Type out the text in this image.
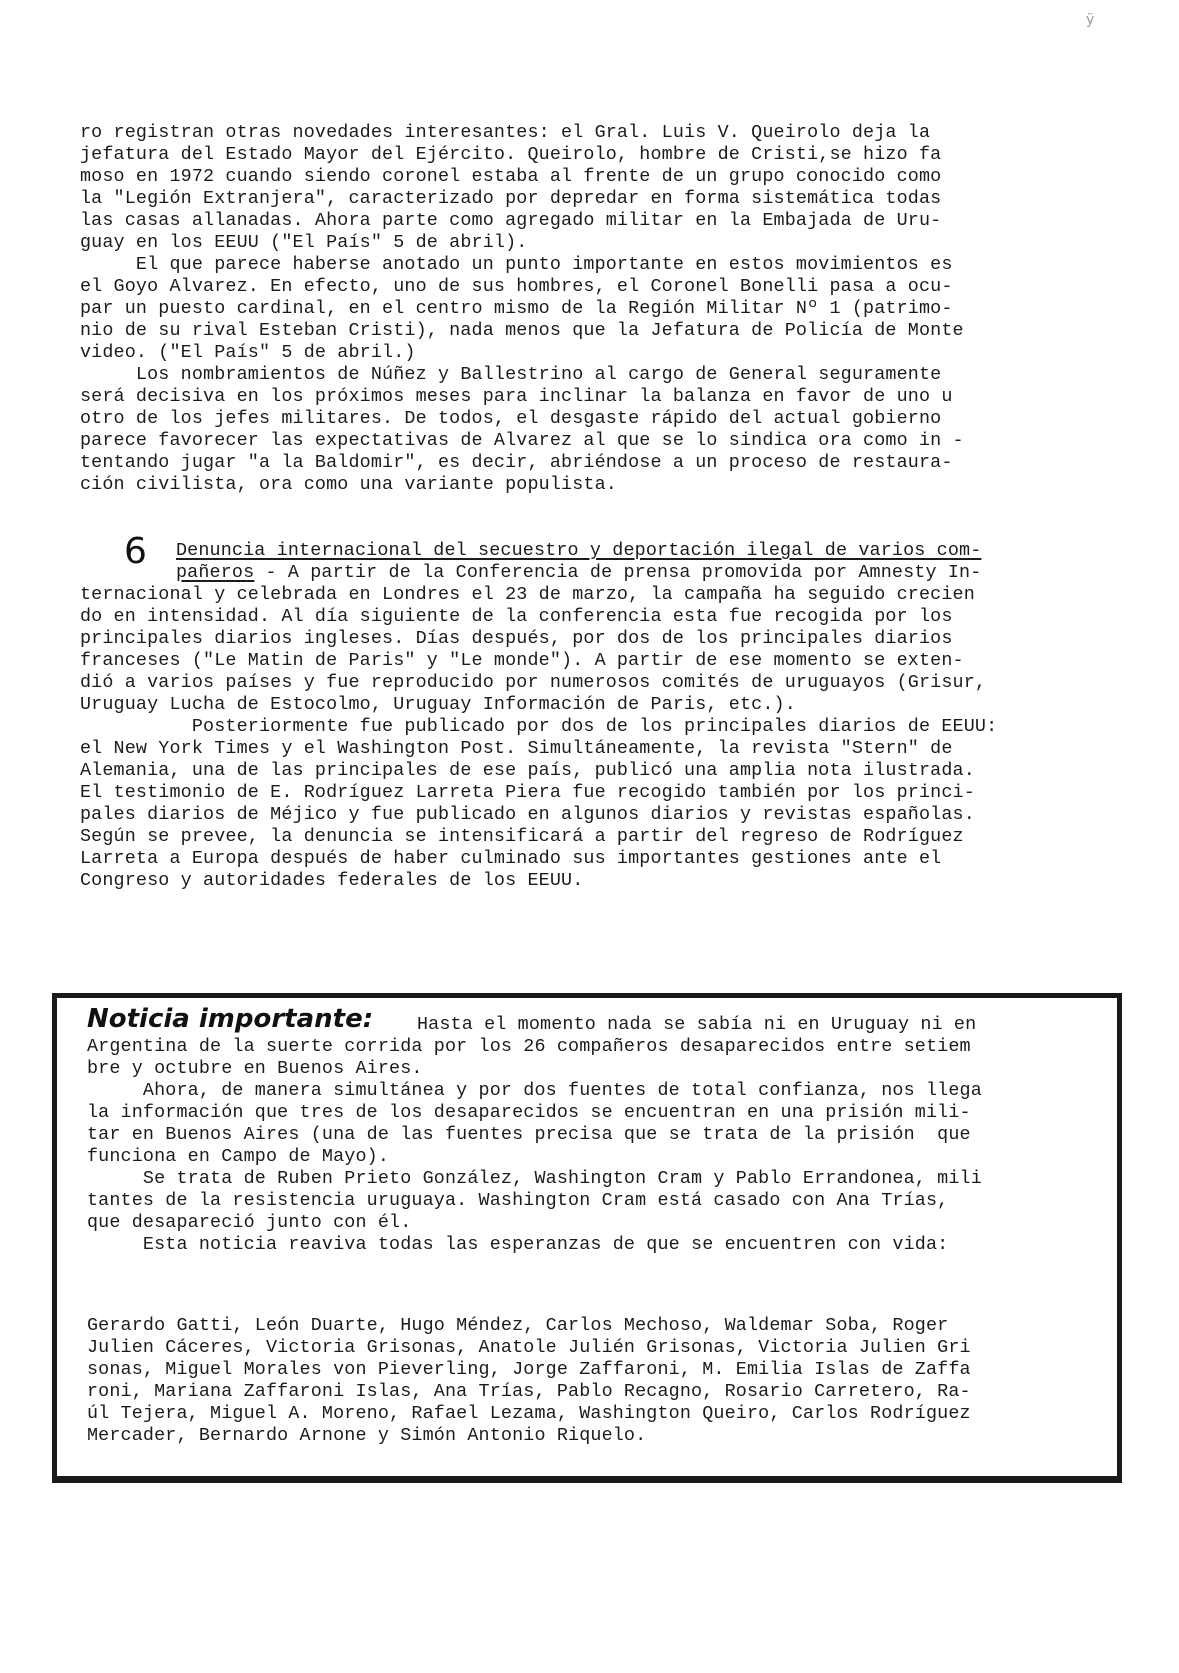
ÿ
ro registran otras novedades interesantes: el Gral. Luis V. Queirolo deja la
jefatura del Estado Mayor del Ejército. Queirolo, hombre de Cristi,se hizo fa
moso en 1972 cuando siendo coronel estaba al frente de un grupo conocido como
la "Legión Extranjera", caracterizado por depredar en forma sistemática todas
las casas allanadas. Ahora parte como agregado militar en la Embajada de Uru-
guay en los EEUU ("El País" 5 de abril).
El que parece haberse anotado un punto importante en estos movimientos es
el Goyo Alvarez. En efecto, uno de sus hombres, el Coronel Bonelli pasa a ocu-
par un puesto cardinal, en el centro mismo de la Región Militar Nº 1 (patrimo-
nio de su rival Esteban Cristi), nada menos que la Jefatura de Policía de Monte
video. ("El País" 5 de abril.)
Los nombramientos de Núñez y Ballestrino al cargo de General seguramente
será decisiva en los próximos meses para inclinar la balanza en favor de uno u
otro de los jefes militares. De todos, el desgaste rápido del actual gobierno
parece favorecer las expectativas de Alvarez al que se lo sindica ora como in -
tentando jugar "a la Baldomir", es decir, abriéndose a un proceso de restaura-
ción civilista, ora como una variante populista.
6 Denuncia internacional del secuestro y deportación ilegal de varios com-
pañeros - A partir de la Conferencia de prensa promovida por Amnesty In-
ternacional y celebrada en Londres el 23 de marzo, la campaña ha seguido crecien
do en intensidad. Al día siguiente de la conferencia esta fue recogida por los
principales diarios ingleses. Días después, por dos de los principales diarios
franceses ("Le Matin de Paris" y "Le monde"). A partir de ese momento se exten-
dió a varios países y fue reproducido por numerosos comités de uruguayos (Grisur,
Uruguay Lucha de Estocolmo, Uruguay Información de Paris, etc.).
Posteriormente fue publicado por dos de los principales diarios de EEUU:
el New York Times y el Washington Post. Simultáneamente, la revista "Stern" de
Alemania, una de las principales de ese país, publicó una amplia nota ilustrada.
El testimonio de E. Rodríguez Larreta Piera fue recogido también por los princi-
pales diarios de Méjico y fue publicado en algunos diarios y revistas españolas.
Según se prevee, la denuncia se intensificará a partir del regreso de Rodríguez
Larreta a Europa después de haber culminado sus importantes gestiones ante el
Congreso y autoridades federales de los EEUU.
Noticia importante: Hasta el momento nada se sabía ni en Uruguay ni en
Argentina de la suerte corrida por los 26 compañeros desaparecidos entre setiem
bre y octubre en Buenos Aires.
Ahora, de manera simultánea y por dos fuentes de total confianza, nos llega
la información que tres de los desaparecidos se encuentran en una prisión mili-
tar en Buenos Aires (una de las fuentes precisa que se trata de la prisión  que
funciona en Campo de Mayo).
Se trata de Ruben Prieto González, Washington Cram y Pablo Errandonea, mili
tantes de la resistencia uruguaya. Washington Cram está casado con Ana Trías,
que desapareció junto con él.
Esta noticia reaviva todas las esperanzas de que se encuentren con vida:
Gerardo Gatti, León Duarte, Hugo Méndez, Carlos Mechoso, Waldemar Soba, Roger
Julien Cáceres, Victoria Grisonas, Anatole Julién Grisonas, Victoria Julien Gri
sonas, Miguel Morales von Pieverling, Jorge Zaffaroni, M. Emilia Islas de Zaffa
roni, Mariana Zaffaroni Islas, Ana Trías, Pablo Recagno, Rosario Carretero, Ra-
úl Tejera, Miguel A. Moreno, Rafael Lezama, Washington Queiro, Carlos Rodríguez
Mercader, Bernardo Arnone y Simón Antonio Riquelo.
